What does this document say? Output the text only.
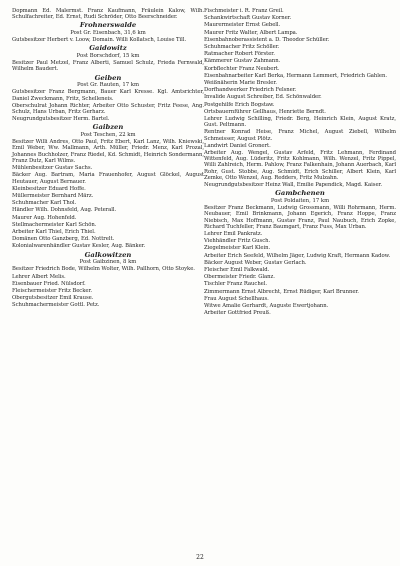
Dopmann Ed. Malermst. Franz Kaufmann, Fräulein Kalow, Wilh. Schulfachreiter, Ed. Ernst, Rudi Schröder, Otto Beerschneider.
Frohnerswalde
Post Gr. Eisenbach, 31,6 km
Gutsbesitzer Herbert v. Loow, Domain. Willi Kollatsch, Louise Till.
Gaidowitz
Post Borschdorf, 15 km
Besitzer Paul Metzel, Franz Alberti, Samuel Schulz, Frieda Fernwald, Wilhelm Baudert.
Geiben
Post Gr. Rauten, 17 km
Gutsbesitzer Franz Bergmann, Bauer Karl Kresse. Kgl. Amtsrichter, Daniel Zweckmann, Fritz, Schelleneis.
Oberschulrat Johann Richter, Arbeiter Otto Schuster, Fritz Feese, Ang. Schulz, Hans Urban, Fritz Gerharz.
Neugrundgutsbesitzer Herm. Bartel.
Gaibzen
Post Teschen, 22 km
Besitzer Willi Andres, Otto Paul, Fritz Ebert, Karl Lanz, Wilh. Kniewski, Emil Weber, Ww. Mallmann, Arth. Müller, Friedr. Menz, Karl Prozal, Johannes Buchholzer, Franz Riedel, Kd. Schmidt, Heinrich Sondermann, Franz Dutz, Karl Wilms.
Mühlenbesitzer Gustav Sachs.
Bäcker Aug. Bartram, Maria Frauenhofer, August Glöckel, August Heutauer, August Bernauer.
Kleinbesitzer Eduard Hoffe.
Müllermeister Bernhard März.
Schuhmacher Karl Thol.
Händler Wilh. Dohnsfeld, Aug. Peterall.
Maurer Aug. Hohenfeld.
Stellmachermeister Karl Schön.
Arbeiter Karl Thiel, Erich Thiel.
Domänen Otto Ganzberg, Ed. Nottrelt.
Kolonialwarenhändler Gustav Kesler, Aug. Bänker.
Galkowitzen
Post Gaibzinen, 8 km
Besitzer Friedrich Bode, Wilhelm Wolter, Wilh. Pallhorn, Otto Stoyke.
Lehrer Albert Melis.
Eisenbauer Fried. Nülsdorf.
Fleischermeister Fritz Becker.
Obergutsbesitzer Emil Krause.
Schuhmachermeister Gottl. Petz.
Fischmeister i. R. Franz Greil.
Schankwirtschaft Gustav Korner.
Maurermeister Ernst Gebell.
Maurer Fritz Walter, Albert Lampa.
Eisenbahnoberassistent a. D. Theodor Schüller.
Schuhmacher Fritz Schöller.
Ratmacher Robert Förster.
Kämmerer Gustav Zahmann.
Korbflechter Franz Neubert.
Eisenbahnarbeiter Karl Berka, Hermann Lemmert, Friedrich Gahlen.
Weißnäherin Marie Bresler.
Dorfhandwerker Friedrich Felsner.
Invalide August Schreiber, Ed. Schönwalder.
Postgehilfe Erich Bogstaw.
Ortsbauernführer Gellhaus, Henriette Berndt.
Lehrer Ludwig Schilling, Friedr. Berg, Heinrich Klein, August Kratz, Gust. Peltmann.
Rentner Konrad Heise, Franz Michel, August Ziebell, Wilhelm Schmeisser, August Plötz.
Landwirt Daniel Gronert.
Arbeiter Aug. Wengel, Gustav Arfeld, Fritz Lehmann, Ferdinand Wittenfeld, Aug. Lüderitz, Fritz Kohlmann, Wilh. Wenzel, Fritz Pippel, Willi Zahlreich, Herm. Pahlow, Franz Falkenhain, Johann Auerbach, Karl Rohr, Gust. Stobbe, Aug. Schmidt, Erich Schiller, Albert Klein, Karl Zemke, Otto Wenzel, Aug. Redders, Fritz Mulzahn.
Neugrundgutsbesitzer Heinz Wall, Emilie Papendick, Magd. Kaiser.
Gambchenen
Post Poldaiten, 17 km
Besitzer Franz Beckmann, Ludwig Grossmann, Willi Rohrmann, Herm. Neubauer, Emil Brinkmann, Johann Egerich, Franz Hoppe, Franz Niebisch, Max Hoffmann, Gustav Franz, Paul Naubuch, Erich Zopke, Richard Tuchfeller, Franz Baumgart, Franz Fuss, Max Urban.
Lehrer Emil Pankratz.
Viehhändler Fritz Gusch.
Ziegelmeister Karl Klein.
Arbeiter Erich Seefeld, Wilhelm Jäger, Ludwig Kraft, Hermann Kadow.
Bäcker August Weber, Gustav Gerlach.
Fleischer Emil Falkwald.
Obermeister Friedr. Glanz.
Tischler Franz Rauchel.
Zimmermann Ernst Albrecht, Ernst Rüdiger, Karl Brunner.
Frau August Schellhaus.
Witwe Amalie Gerhardt, Auguste Ewertjohann.
Arbeiter Gottfried Preuß.
22
